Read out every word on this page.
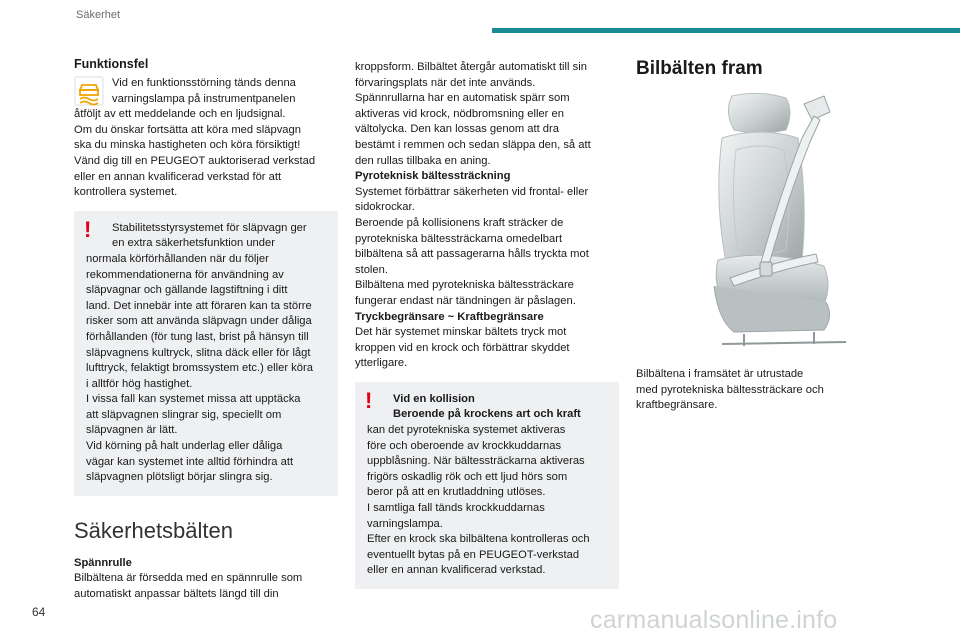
Säkerhet
Funktionsfel

Vid en funktionsstörning tänds denna

varningslampa på instrumentpanelen

åtföljt av ett meddelande och en ljudsignal.

Om du önskar fortsätta att köra med släpvagn

ska du minska hastigheten och köra försiktigt!

Vänd dig till en PEUGEOT auktoriserad verkstad

eller en annan kvalificerad verkstad för att

kontrollera systemet.

!	Stabilitetsstyrsystemet för släpvagn ger

en extra säkerhetsfunktion under

normala körförhållanden när du följer

rekommendationerna för användning av

släpvagnar och gällande lagstiftning i ditt

land. Det innebär inte att föraren kan ta större

risker som att använda släpvagn under dåliga

förhållanden (för tung last, brist på hänsyn till

släpvagnens kultryck, slitna däck eller för lågt

lufttryck, felaktigt bromssystem etc.) eller köra

i alltför hög hastighet.

I vissa fall kan systemet missa att upptäcka

att släpvagnen slingrar sig, speciellt om

släpvagnen är lätt.

Vid körning på halt underlag eller dåliga

vägar kan systemet inte alltid förhindra att

släpvagnen plötsligt börjar slingra sig.

Säkerhetsbälten

Spännrulle

Bilbältena är försedda med en spännrulle som

automatiskt anpassar bältets längd till din

kroppsform. Bilbältet återgår automatiskt till sin

förvaringsplats när det inte används.

Spännrullarna har en automatisk spärr som

aktiveras vid krock, nödbromsning eller en

vältolycka. Den kan lossas genom att dra

bestämt i remmen och sedan släppa den, så att

den rullas tillbaka en aning.

Pyroteknisk bältessträckning

Systemet förbättrar säkerheten vid frontal- eller

sidokrockar.

Beroende på kollisionens kraft sträcker de

pyrotekniska bältessträckarna omedelbart

bilbältena så att passagerarna hålls tryckta mot

stolen.

Bilbältena med pyrotekniska bältessträckare

fungerar endast när tändningen är påslagen.

Tryckbegränsare ~ Kraftbegränsare

Det här systemet minskar bältets tryck mot

kroppen vid en krock och förbättrar skyddet

ytterligare.

!	Vid en kollision

Beroende på krockens art och kraft

kan det pyrotekniska systemet aktiveras

före och oberoende av krockkuddarnas

uppblåsning. När bältessträckarna aktiveras

frigörs oskadlig rök och ett ljud hörs som

beror på att en krutladdning utlöses.

I samtliga fall tänds krockkuddarnas

varningslampa.

Efter en krock ska bilbältena kontrolleras och

eventuellt bytas på en PEUGEOT-verkstad

eller en annan kvalificerad verkstad.

Bilbälten fram

Bilbältena i framsätet är utrustade

med pyrotekniska bältessträckare och

kraftbegränsare.

64	carmanualsonline.info
